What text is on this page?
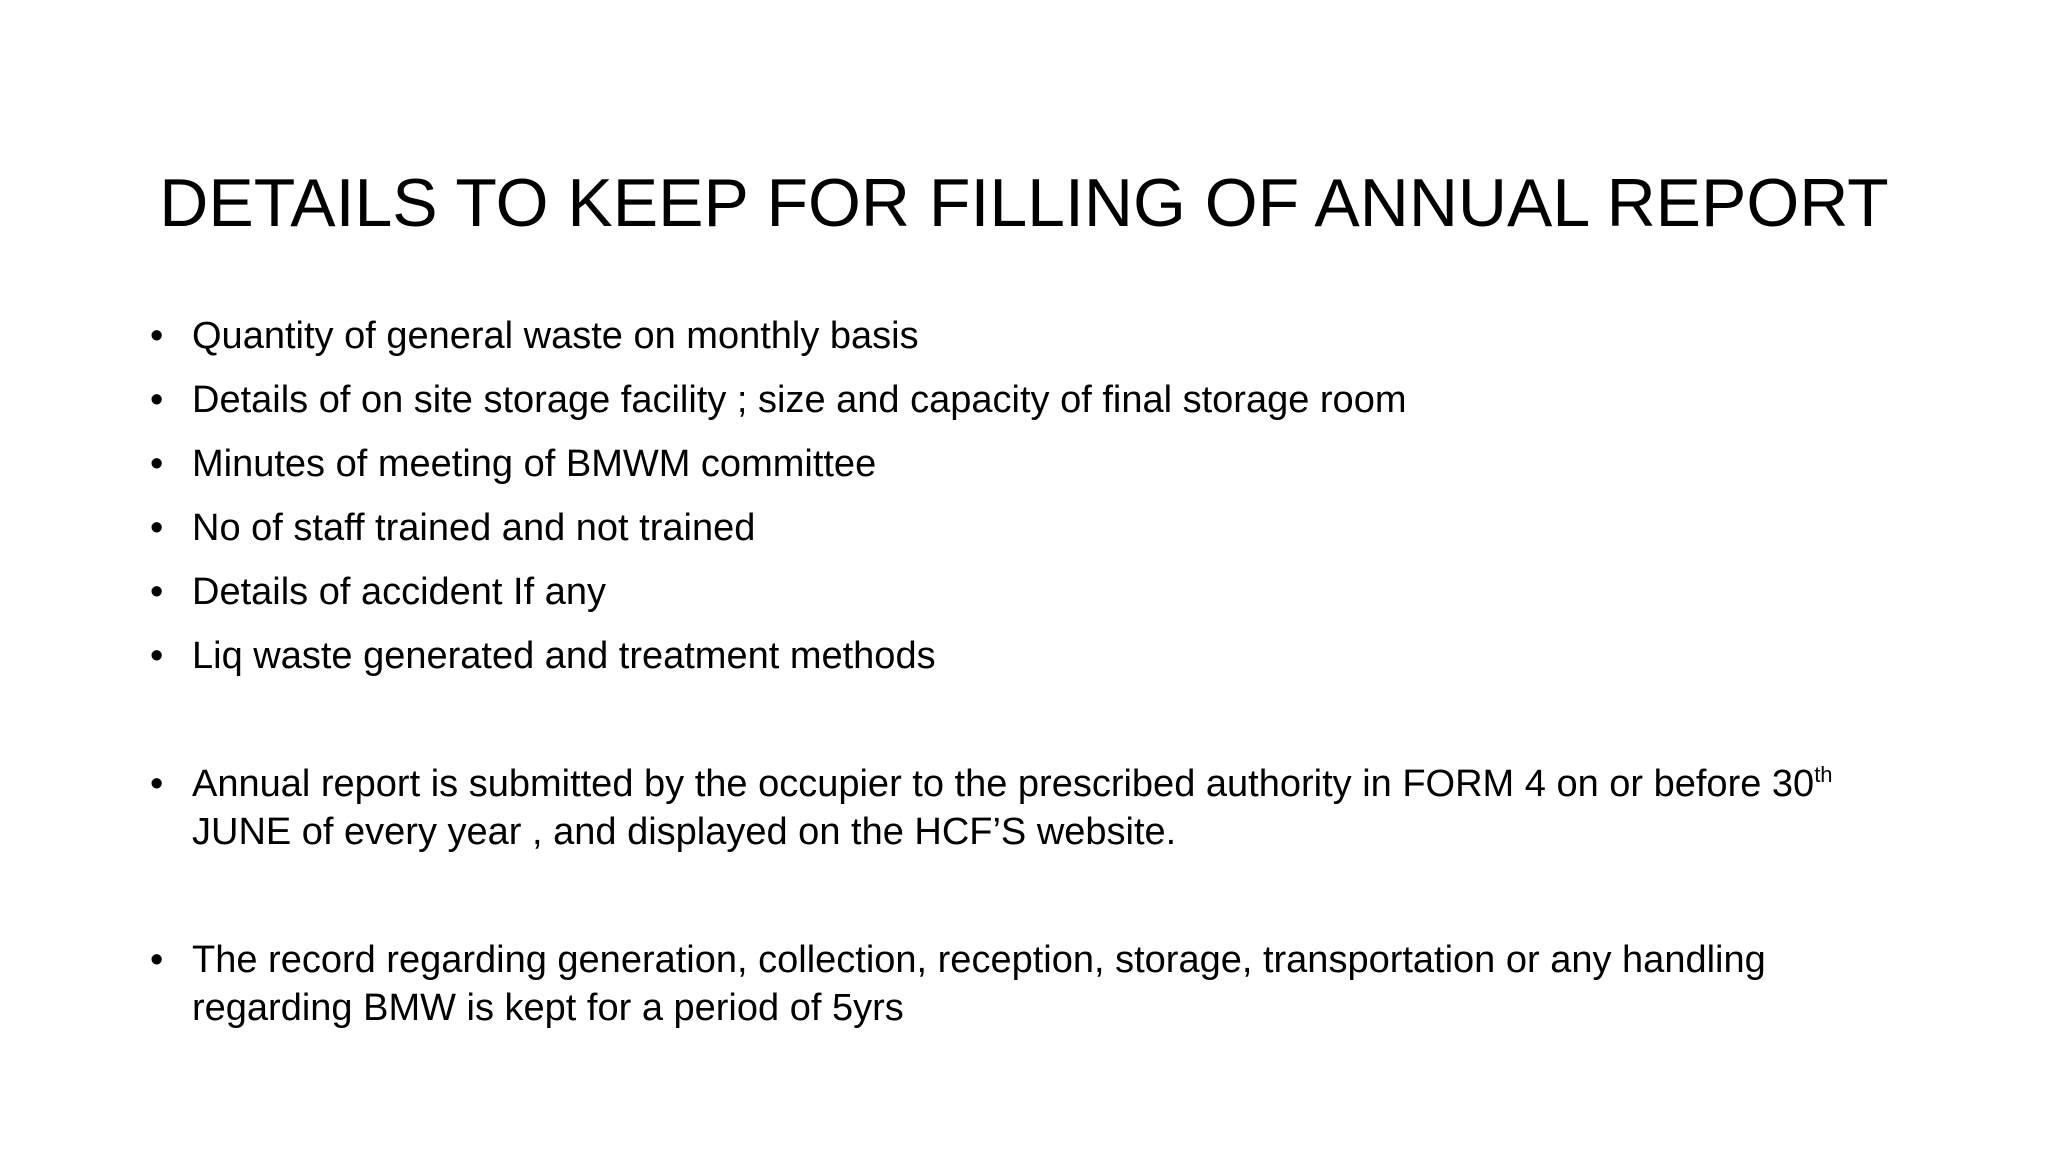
DETAILS TO KEEP FOR FILLING OF ANNUAL REPORT
• Quantity of general waste on monthly basis
• Details of on site storage facility ; size and capacity of final storage room
• Minutes of meeting of BMWM committee
• No of staff trained and not trained
• Details of accident If any
• Liq waste generated and treatment methods
• Annual report is submitted by the occupier to the prescribed authority in FORM 4 on or before 30th JUNE of every year , and displayed on the HCF’S website.
• The record regarding generation, collection, reception, storage, transportation or any handling regarding BMW is kept for a period of 5yrs
